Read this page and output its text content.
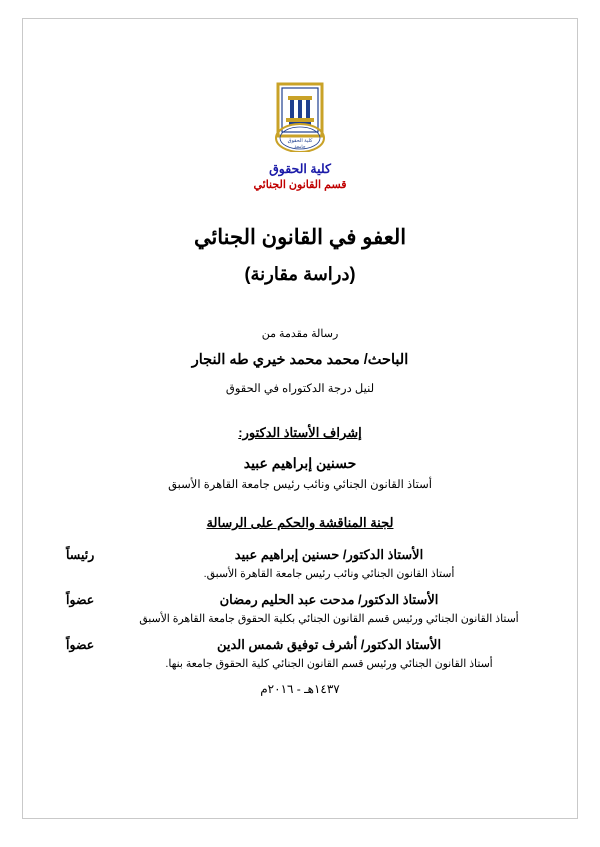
كلية الحقوق
جامعة
كلية الحقوق
قسم القانون الجنائي
العفو في القانون الجنائي
(دراسة مقارنة)
رسالة مقدمة من
الباحث/ محمد محمد خيري طه النجار
لنيل درجة الدكتوراه في الحقوق
إشراف الأستاذ الدكتور:
حسنين إبراهيم عبيد
أستاذ القانون الجنائي ونائب رئيس جامعة القاهرة الأسبق
لجنة المناقشة والحكم على الرسالة
الأستاذ الدكتور/ حسنين إبراهيم عبيد
رئيساً
أستاذ القانون الجنائي ونائب رئيس جامعة القاهرة الأسبق.
الأستاذ الدكتور/ مدحت عبد الحليم رمضان
عضواً
أستاذ القانون الجنائي ورئيس قسم القانون الجنائي بكلية الحقوق جامعة القاهرة الأسبق
الأستاذ الدكتور/ أشرف توفيق شمس الدين
عضواً
أستاذ القانون الجنائي ورئيس قسم القانون الجنائي كلية الحقوق جامعة بنها.
١٤٣٧هـ - ٢٠١٦م
